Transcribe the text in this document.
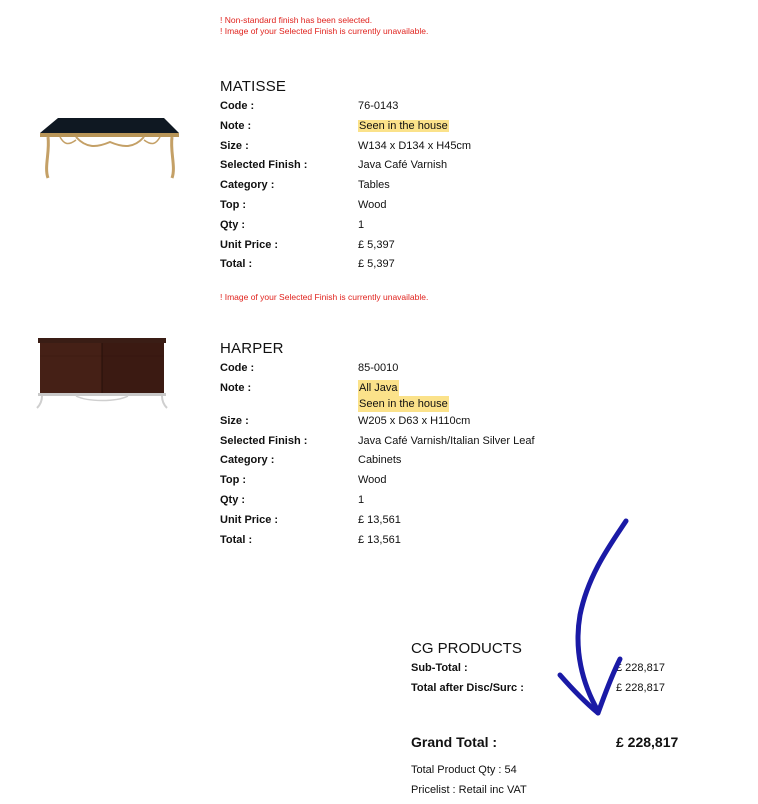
! Non-standard finish has been selected.
! Image of your Selected Finish is currently unavailable.
MATISSE
Code :	76-0143
Note :	Seen in the house
Size :	W134 x D134 x H45cm
Selected Finish :	Java Café Varnish
Category :	Tables
Top :	Wood
Qty :	1
Unit Price :	£ 5,397
Total :	£ 5,397
! Image of your Selected Finish is currently unavailable.
HARPER
Code :	85-0010
Note :	All Java
Seen in the house
Size :	W205 x D63 x H110cm
Selected Finish :	Java Café Varnish/Italian Silver Leaf
Category :	Cabinets
Top :	Wood
Qty :	1
Unit Price :	£ 13,561
Total :	£ 13,561
CG PRODUCTS
Sub-Total :	£ 228,817
Total after Disc/Surc :	£ 228,817
Grand Total :	£ 228,817
Total Product Qty : 54
Pricelist : Retail inc VAT
